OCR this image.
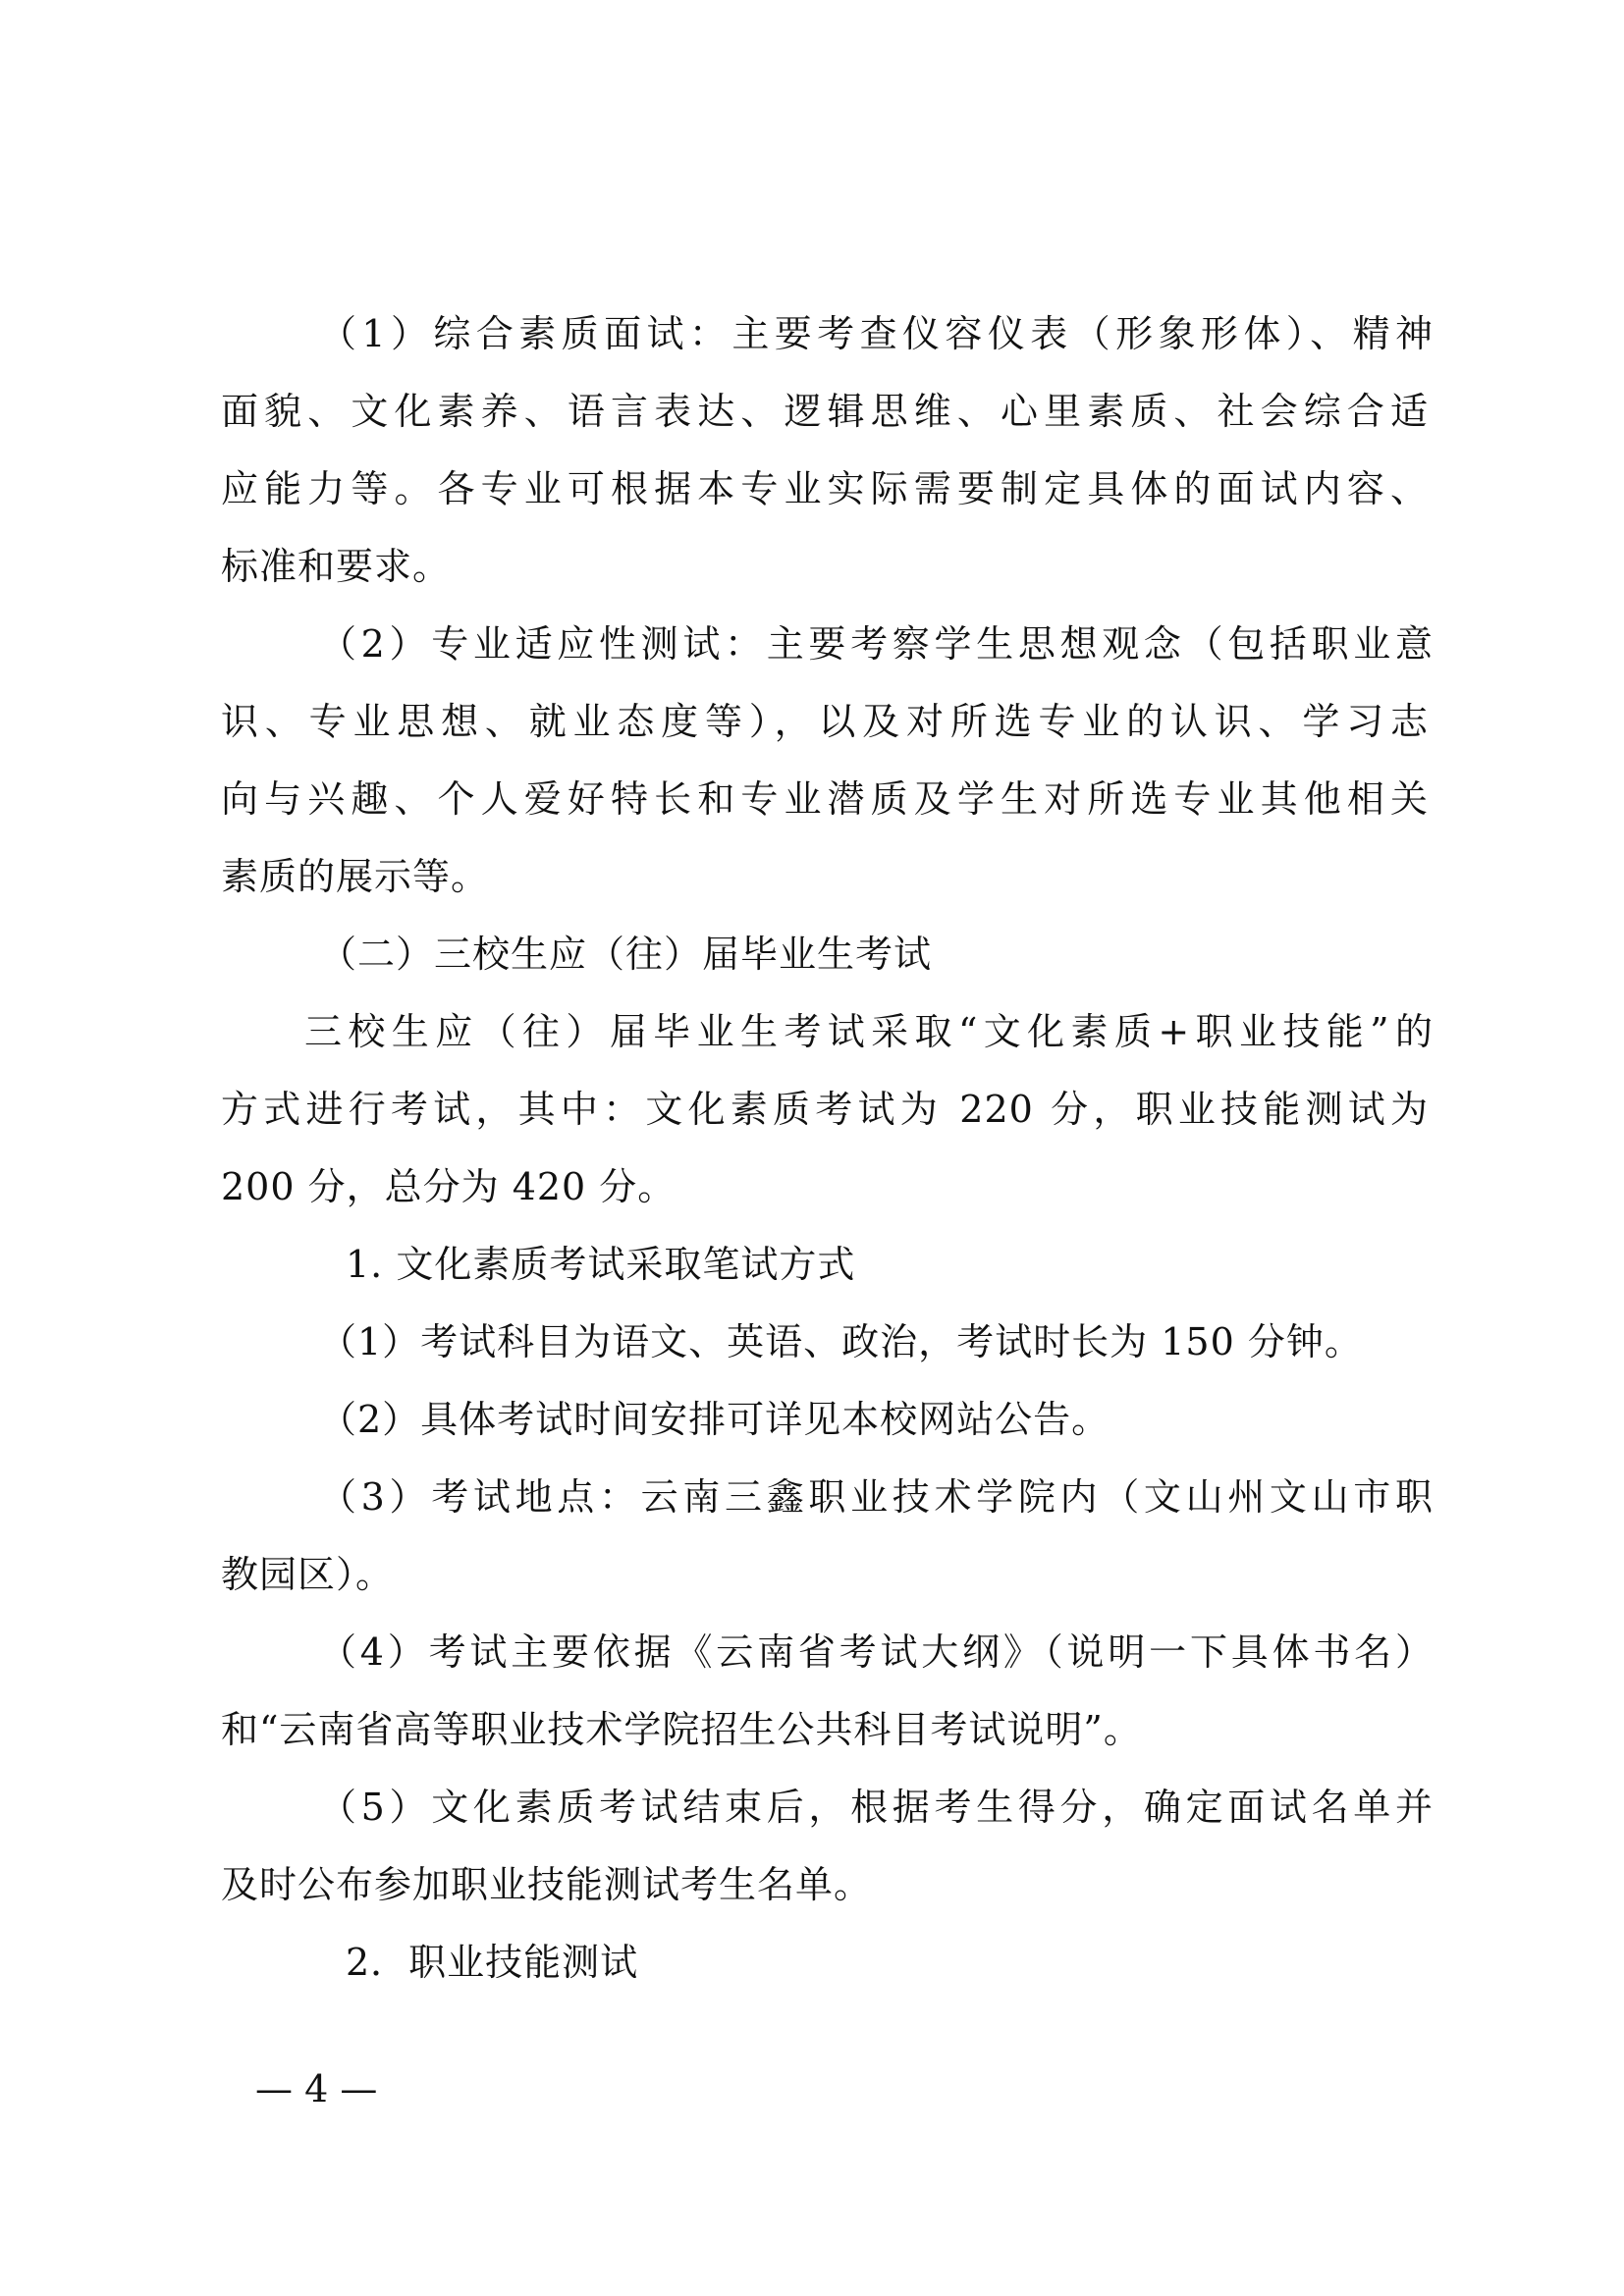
（1）综合素质面试：主要考查仪容仪表（形象形体）、精神
面貌、文化素养、语言表达、逻辑思维、心里素质、社会综合适
应能力等。各专业可根据本专业实际需要制定具体的面试内容、
标准和要求。
（2）专业适应性测试：主要考察学生思想观念（包括职业意
识、专业思想、就业态度等），以及对所选专业的认识、学习志
向与兴趣、个人爱好特长和专业潜质及学生对所选专业其他相关
素质的展示等。
（二）三校生应（往）届毕业生考试
三校生应（往）届毕业生考试采取“文化素质+职业技能”的
方式进行考试，其中：文化素质考试为 220 分，职业技能测试为
200 分，总分为 420 分。
1. 文化素质考试采取笔试方式
（1）考试科目为语文、英语、政治，考试时长为 150 分钟。
（2）具体考试时间安排可详见本校网站公告。
（3）考试地点：云南三鑫职业技术学院内（文山州文山市职
教园区）。
（4）考试主要依据《云南省考试大纲》（说明一下具体书名）
和“云南省高等职业技术学院招生公共科目考试说明”。
（5）文化素质考试结束后，根据考生得分，确定面试名单并
及时公布参加职业技能测试考生名单。
2．职业技能测试
— 4 —
